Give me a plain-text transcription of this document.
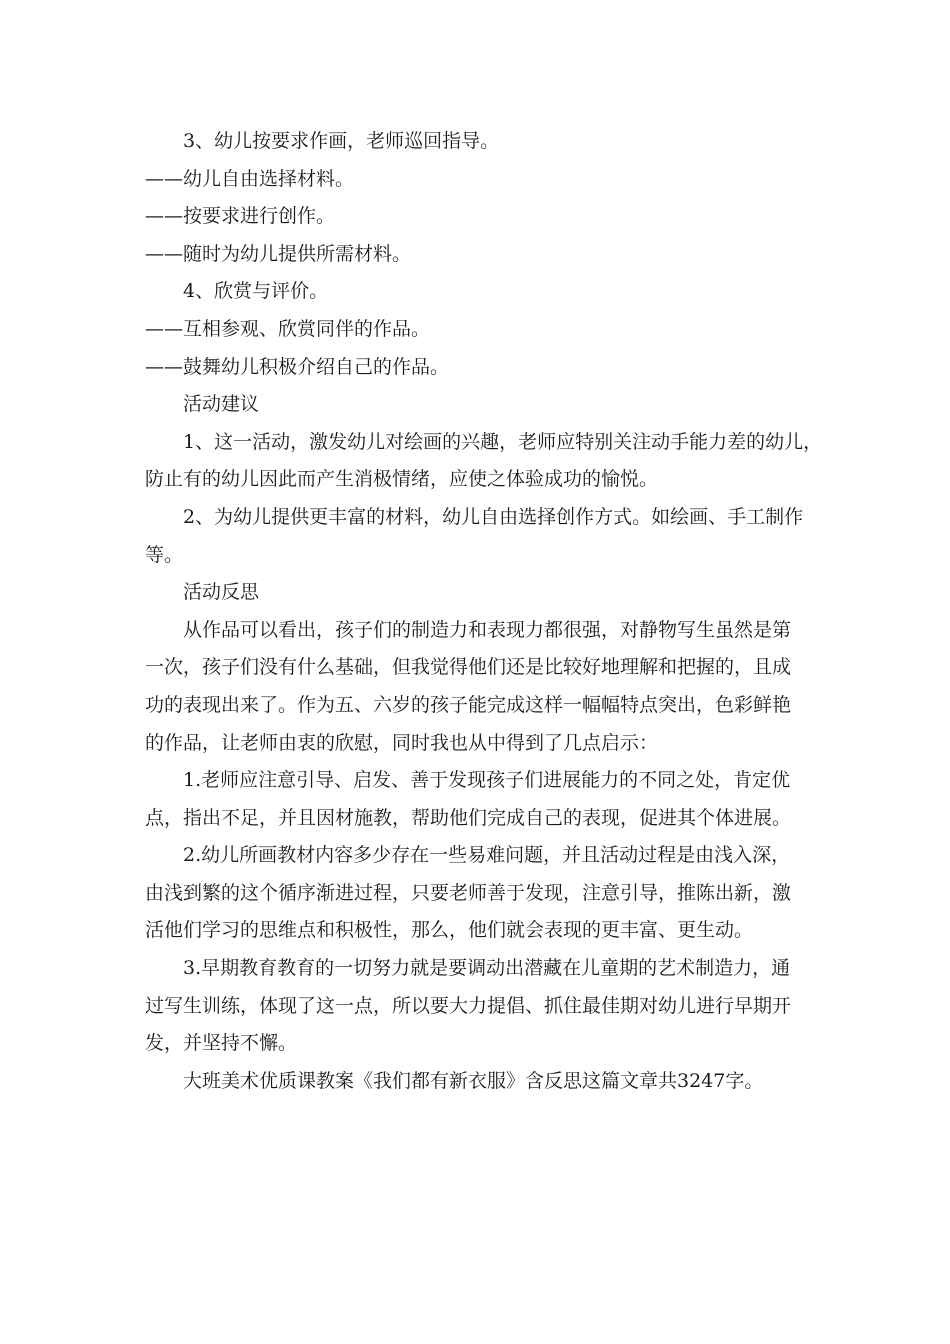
3、幼儿按要求作画，老师巡回指导。
——幼儿自由选择材料。
——按要求进行创作。
——随时为幼儿提供所需材料。
4、欣赏与评价。
——互相参观、欣赏同伴的作品。
——鼓舞幼儿积极介绍自己的作品。
活动建议
1、这一活动，激发幼儿对绘画的兴趣，老师应特别关注动手能力差的幼儿，
防止有的幼儿因此而产生消极情绪，应使之体验成功的愉悦。
2、为幼儿提供更丰富的材料，幼儿自由选择创作方式。如绘画、手工制作
等。
活动反思
从作品可以看出，孩子们的制造力和表现力都很强，对静物写生虽然是第
一次，孩子们没有什么基础，但我觉得他们还是比较好地理解和把握的，且成
功的表现出来了。作为五、六岁的孩子能完成这样一幅幅特点突出，色彩鲜艳
的作品，让老师由衷的欣慰，同时我也从中得到了几点启示：
1.老师应注意引导、启发、善于发现孩子们进展能力的不同之处，肯定优
点，指出不足，并且因材施教，帮助他们完成自己的表现，促进其个体进展。
2.幼儿所画教材内容多少存在一些易难问题，并且活动过程是由浅入深，
由浅到繁的这个循序渐进过程，只要老师善于发现，注意引导，推陈出新，激
活他们学习的思维点和积极性，那么，他们就会表现的更丰富、更生动。
3.早期教育教育的一切努力就是要调动出潜藏在儿童期的艺术制造力，通
过写生训练，体现了这一点，所以要大力提倡、抓住最佳期对幼儿进行早期开
发，并坚持不懈。
大班美术优质课教案《我们都有新衣服》含反思这篇文章共3247字。
